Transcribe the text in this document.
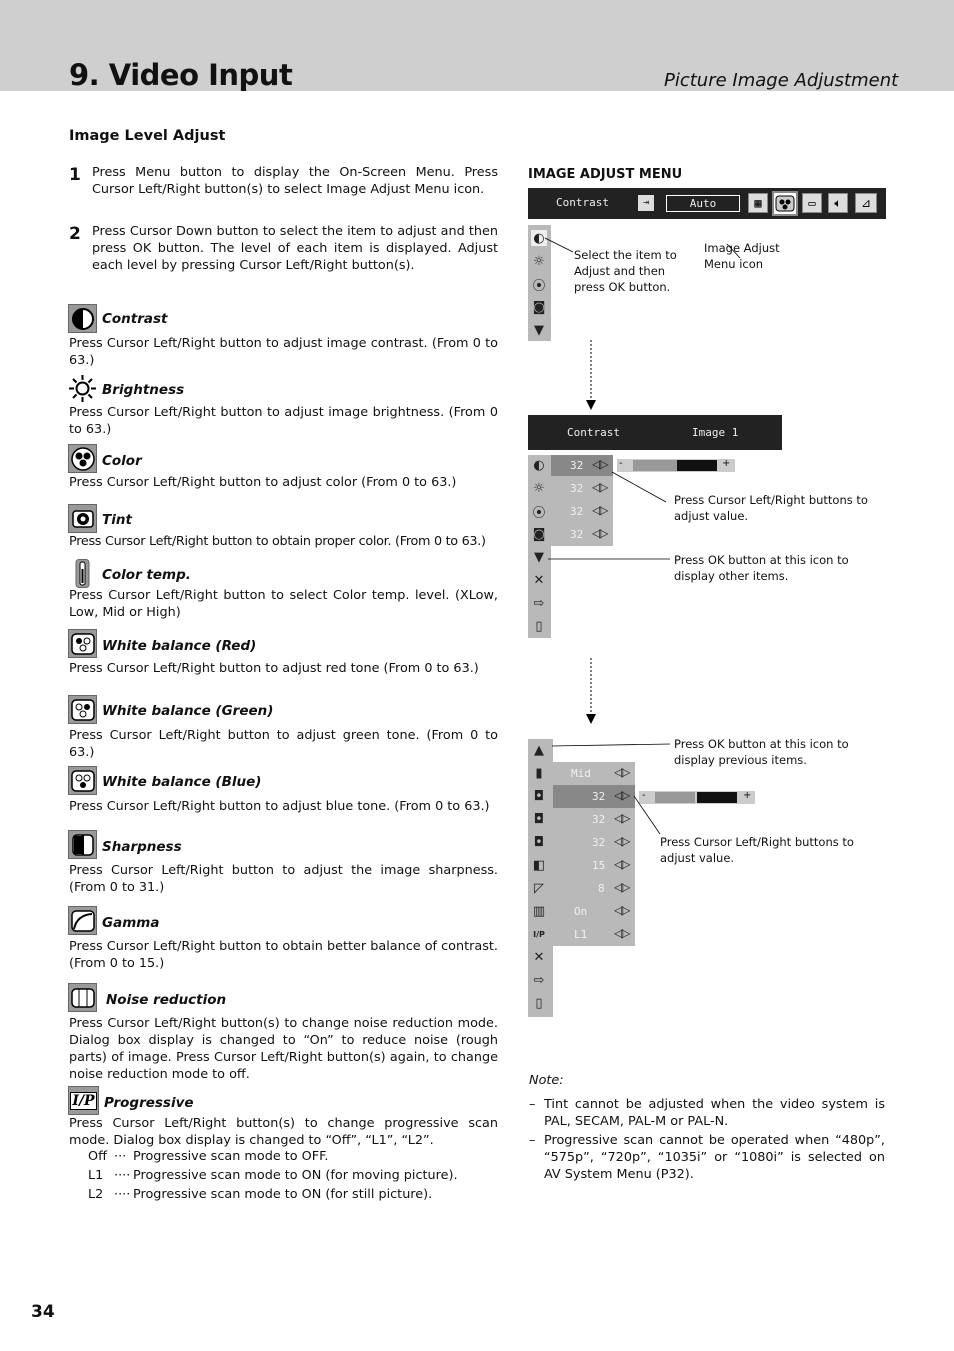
9. Video Input	Picture Image Adjustment
Image Level Adjust
1 Press Menu button to display the On-Screen Menu. Press Cursor Left/Right button(s) to select Image Adjust Menu icon.
2 Press Cursor Down button to select the item to adjust and then press OK button. The level of each item is displayed. Adjust each level by pressing Cursor Left/Right button(s).
Contrast
Press Cursor Left/Right button to adjust image contrast. (From 0 to 63.)
Brightness
Press Cursor Left/Right button to adjust image brightness. (From 0 to 63.)
Color
Press Cursor Left/Right button to adjust color (From 0 to 63.)
Tint
Press Cursor Left/Right button to obtain proper color. (From 0 to 63.)
Color temp.
Press Cursor Left/Right button to select Color temp. level. (XLow, Low, Mid or High)
White balance (Red)
Press Cursor Left/Right button to adjust red tone (From 0 to 63.)
White balance (Green)
Press Cursor Left/Right button to adjust green tone. (From 0 to 63.)
White balance (Blue)
Press Cursor Left/Right button to adjust blue tone. (From 0 to 63.)
Sharpness
Press Cursor Left/Right button to adjust the image sharpness. (From 0 to 31.)
Gamma
Press Cursor Left/Right button to obtain better balance of contrast. (From 0 to 15.)
Noise reduction
Press Cursor Left/Right button(s) to change noise reduction mode. Dialog box display is changed to “On” to reduce noise (rough parts) of image. Press Cursor Left/Right button(s) again, to change noise reduction mode to off.
I/P Progressive
Press Cursor Left/Right button(s) to change progressive scan mode. Dialog box display is changed to “Off”, “L1”, “L2”.
Off ··· Progressive scan mode to OFF.
L1 ···· Progressive scan mode to ON (for moving picture).
L2 ···· Progressive scan mode to ON (for still picture).
IMAGE ADJUST MENU
Contrast	⇥	Auto	▦	▭	🔈︎	⊿
◐
☼
⦿
◙
▼
Select the item to Adjust and then press OK button.
Image Adjust Menu icon
Contrast	Image 1
◐
☼
⦿
◙
▼
✕
⇨
▯
32
32
32
32
◁▷
◁▷
◁▷
◁▷
-	+
Press Cursor Left/Right buttons to adjust value.
Press OK button at this icon to display other items.
▲
▮
◘
◘
◘
◧
◸
▥
I/P
✕
⇨
▯
Mid
32
32
32
15
8
On
L1
◁▷
◁▷
◁▷
◁▷
◁▷
◁▷
◁▷
◁▷
-	+
Press OK button at this icon to display previous items.
Press Cursor Left/Right buttons to adjust value.
Note:
– Tint cannot be adjusted when the video system is PAL, SECAM, PAL-M or PAL-N.
– Progressive scan cannot be operated when “480p”, “575p”, “720p”, “1035i” or “1080i” is selected on AV System Menu (P32).
34
